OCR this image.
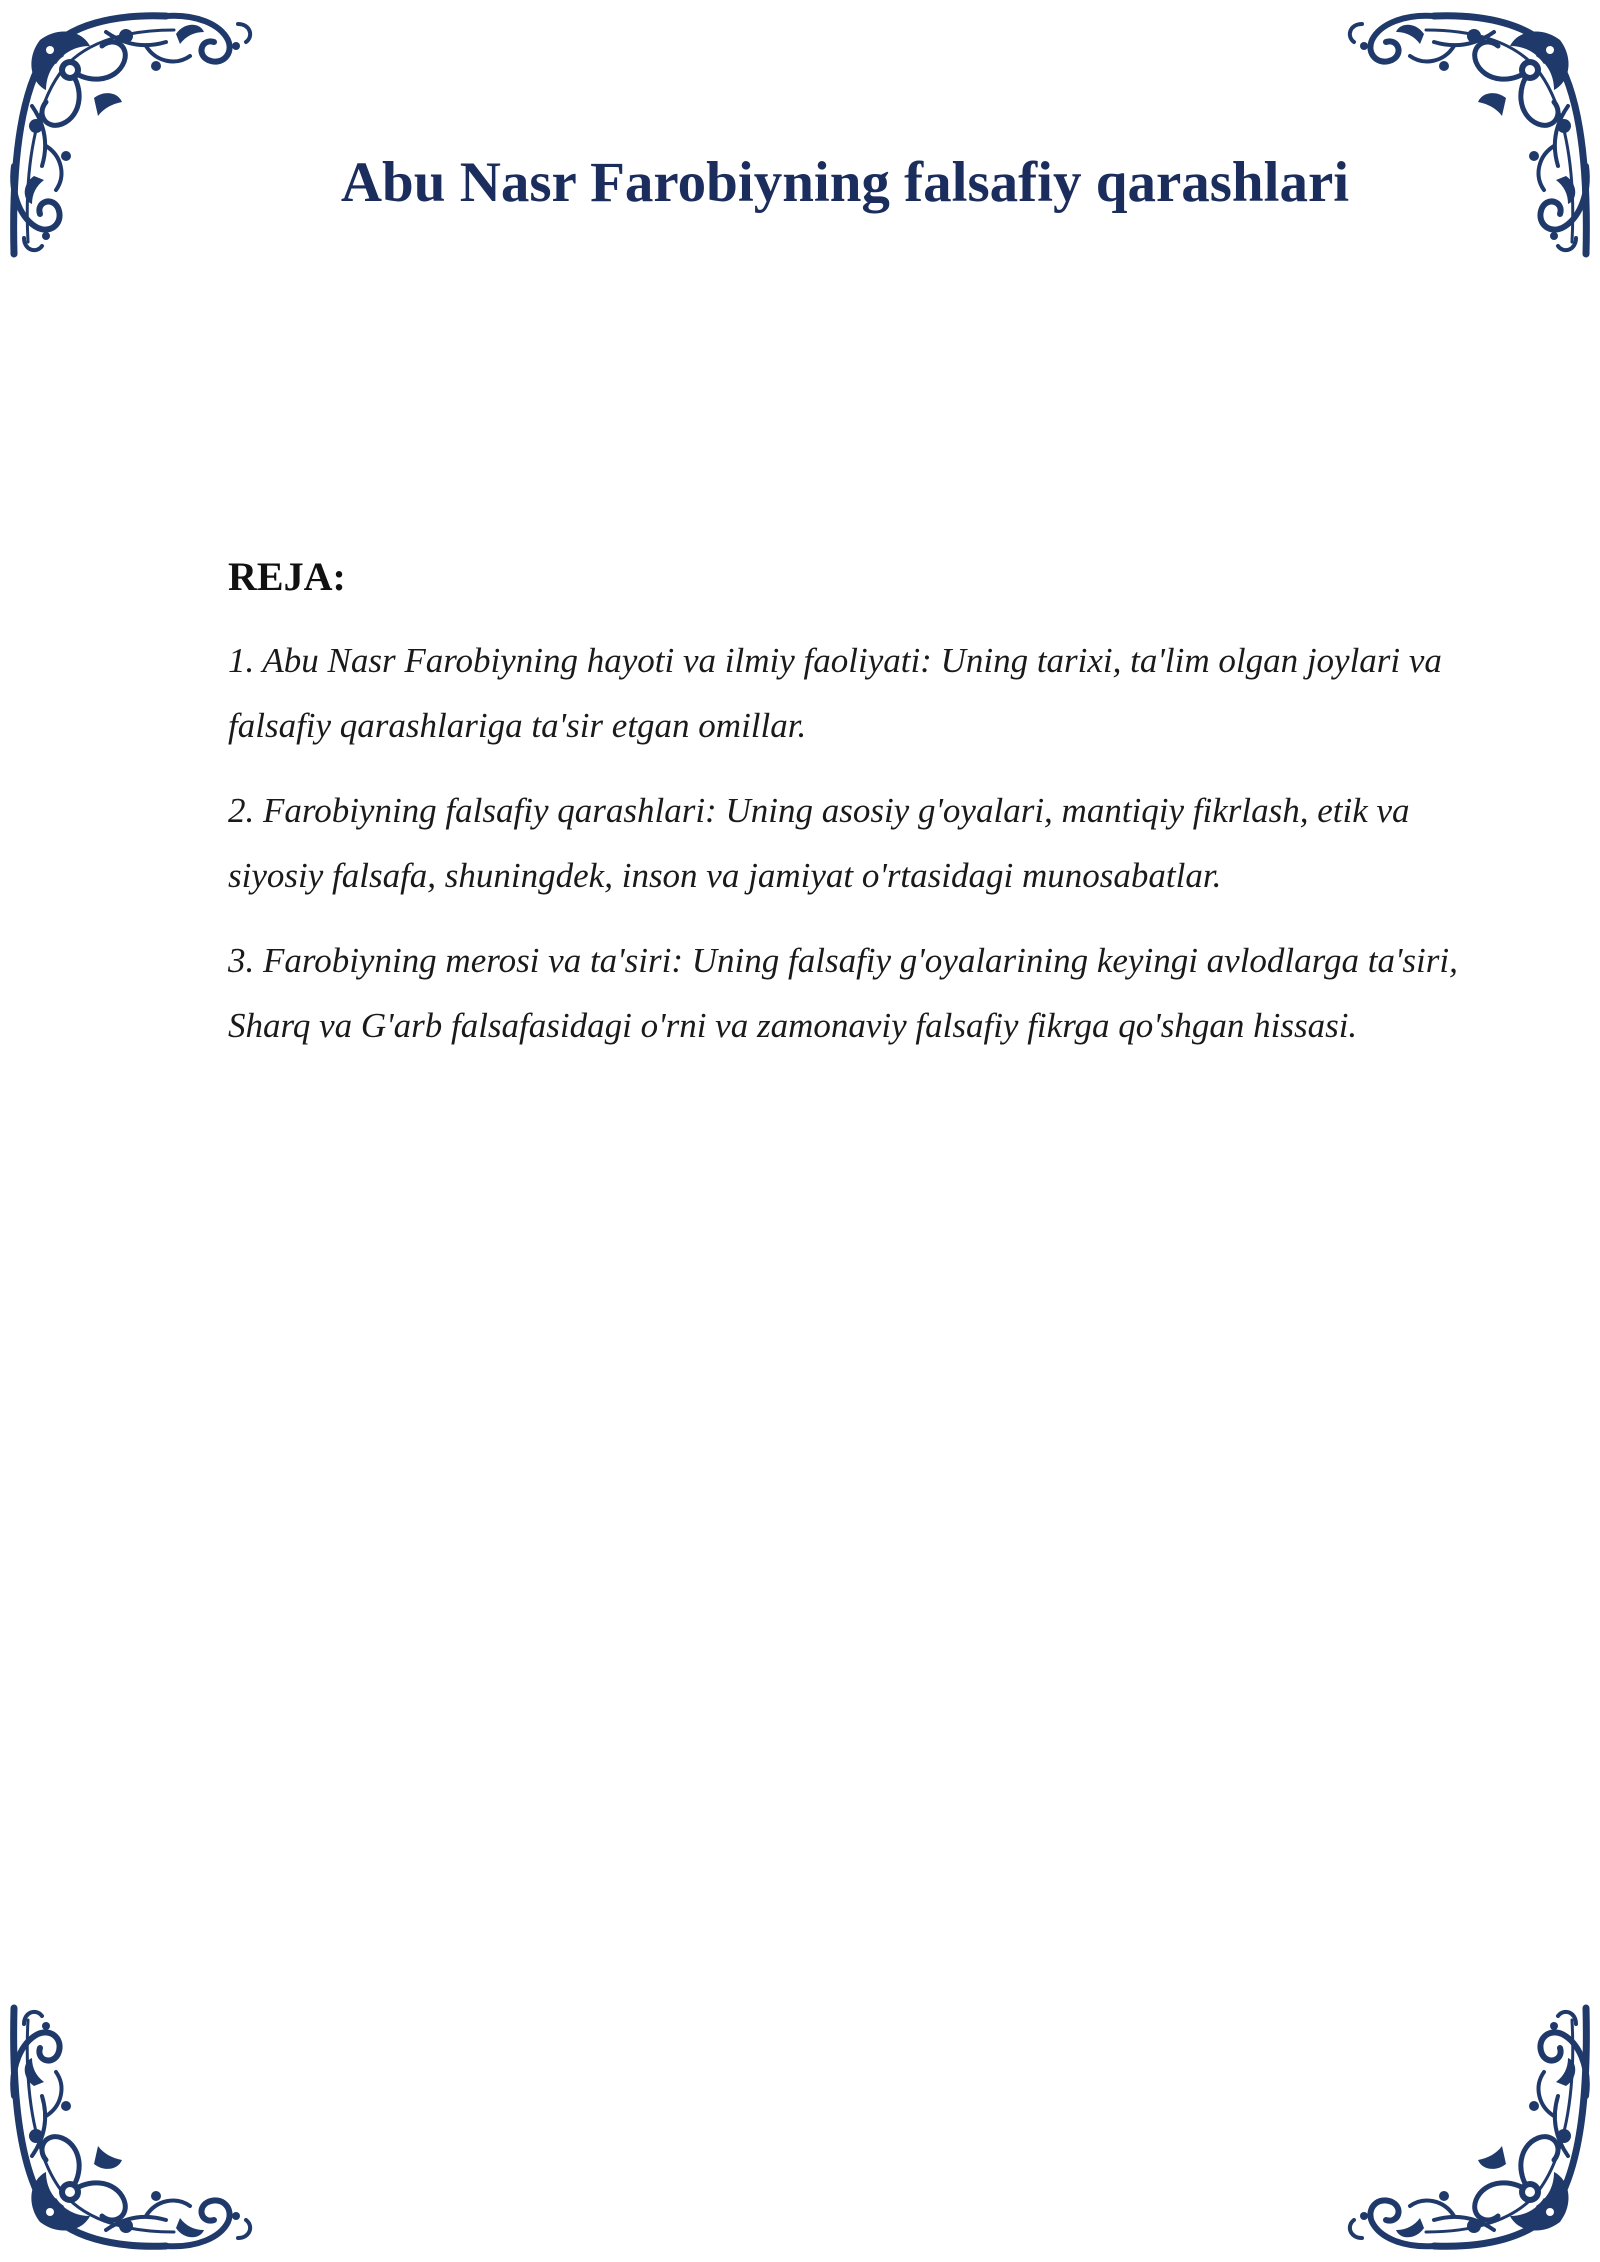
Abu Nasr Farobiyning falsafiy qarashlari

REJA:

1. Abu Nasr Farobiyning hayoti va ilmiy faoliyati: Uning tarixi, ta'lim olgan joylari va falsafiy qarashlariga ta'sir etgan omillar.

2. Farobiyning falsafiy qarashlari: Uning asosiy g'oyalari, mantiqiy fikrlash, etik va siyosiy falsafa, shuningdek, inson va jamiyat o'rtasidagi munosabatlar.

3. Farobiyning merosi va ta'siri: Uning falsafiy g'oyalarining keyingi avlodlarga ta'siri, Sharq va G'arb falsafasidagi o'rni va zamonaviy falsafiy fikrga qo'shgan hissasi.
